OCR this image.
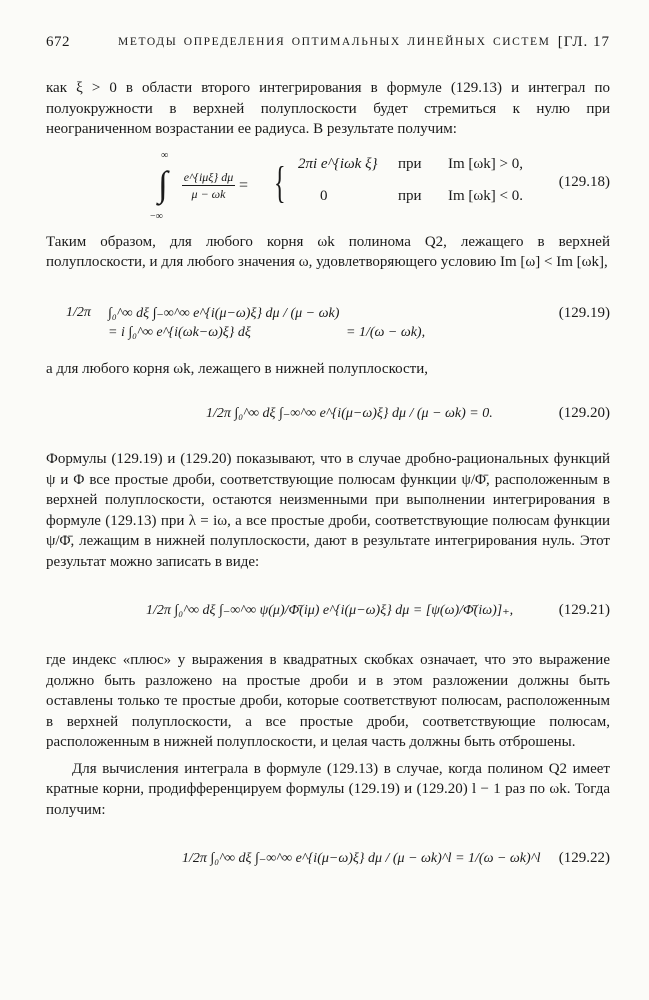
672	МЕТОДЫ ОПРЕДЕЛЕНИЯ ОПТИМАЛЬНЫХ ЛИНЕЙНЫХ СИСТЕМ [ГЛ. 17

как ξ > 0 в области второго интегрирования в формуле (129.13) и интеграл по полуокружности в верхней полуплоскости будет стремиться к нулю при неограниченном возрастании ее радиуса. В результате получим:

∫
∞
−∞

$\frac{\text{e\textasciicircum{}\{iμξ\} dμ}}{\mu - \omega k}$ = { 2πi e^{iωk ξ} при	Im [ωk] > 0,
0	при	Im [ωk] < 0.
(129.18)

Таким образом, для любого корня ωk полинома Q2, лежащего в верхней полуплоскости, и для любого значения ω, удовлетворяющего условию Im [ω] < Im [ωk],

1/2π ∫₀^∞ dξ ∫₋∞^∞ e^{i(μ−ω)ξ} dμ / (μ − ωk)
= i ∫₀^∞ e^{i(ωk−ω)ξ} dξ	= 1/(ω − ωk),
(129.19)

а для любого корня ωk, лежащего в нижней полуплоскости,

1/2π ∫₀^∞ dξ ∫₋∞^∞ e^{i(μ−ω)ξ} dμ / (μ − ωk) = 0.	(129.20)

Формулы (129.19) и (129.20) показывают, что в случае дробно-рациональных функций ψ и Φ все простые дроби, соответствующие полюсам функции ψ/Φ̄, расположенным в верхней полуплоскости, остаются неизменными при выполнении интегрирования в формуле (129.13) при λ = iω, а все простые дроби, соответствующие полюсам функции ψ/Φ̄, лежащим в нижней полуплоскости, дают в результате интегрирования нуль. Этот результат можно записать в виде:

1/2π ∫₀^∞ dξ ∫₋∞^∞ ψ(μ)/Φ̄(iμ) e^{i(μ−ω)ξ} dμ = [ψ(ω)/Φ̄(iω)]₊,	(129.21)

где индекс «плюс» у выражения в квадратных скобках означает, что это выражение должно быть разложено на простые дроби и в этом разложении должны быть оставлены только те простые дроби, которые соответствуют полюсам, расположенным в верхней полуплоскости, а все простые дроби, соответствующие полюсам, расположенным в нижней полуплоскости, и целая часть должны быть отброшены.

Для вычисления интеграла в формуле (129.13) в случае, когда полином Q2 имеет кратные корни, продифференцируем формулы (129.19) и (129.20) l − 1 раз по ωk. Тогда получим:

1/2π ∫₀^∞ dξ ∫₋∞^∞ e^{i(μ−ω)ξ} dμ / (μ − ωk)^l = 1/(ω − ωk)^l (129.22)
